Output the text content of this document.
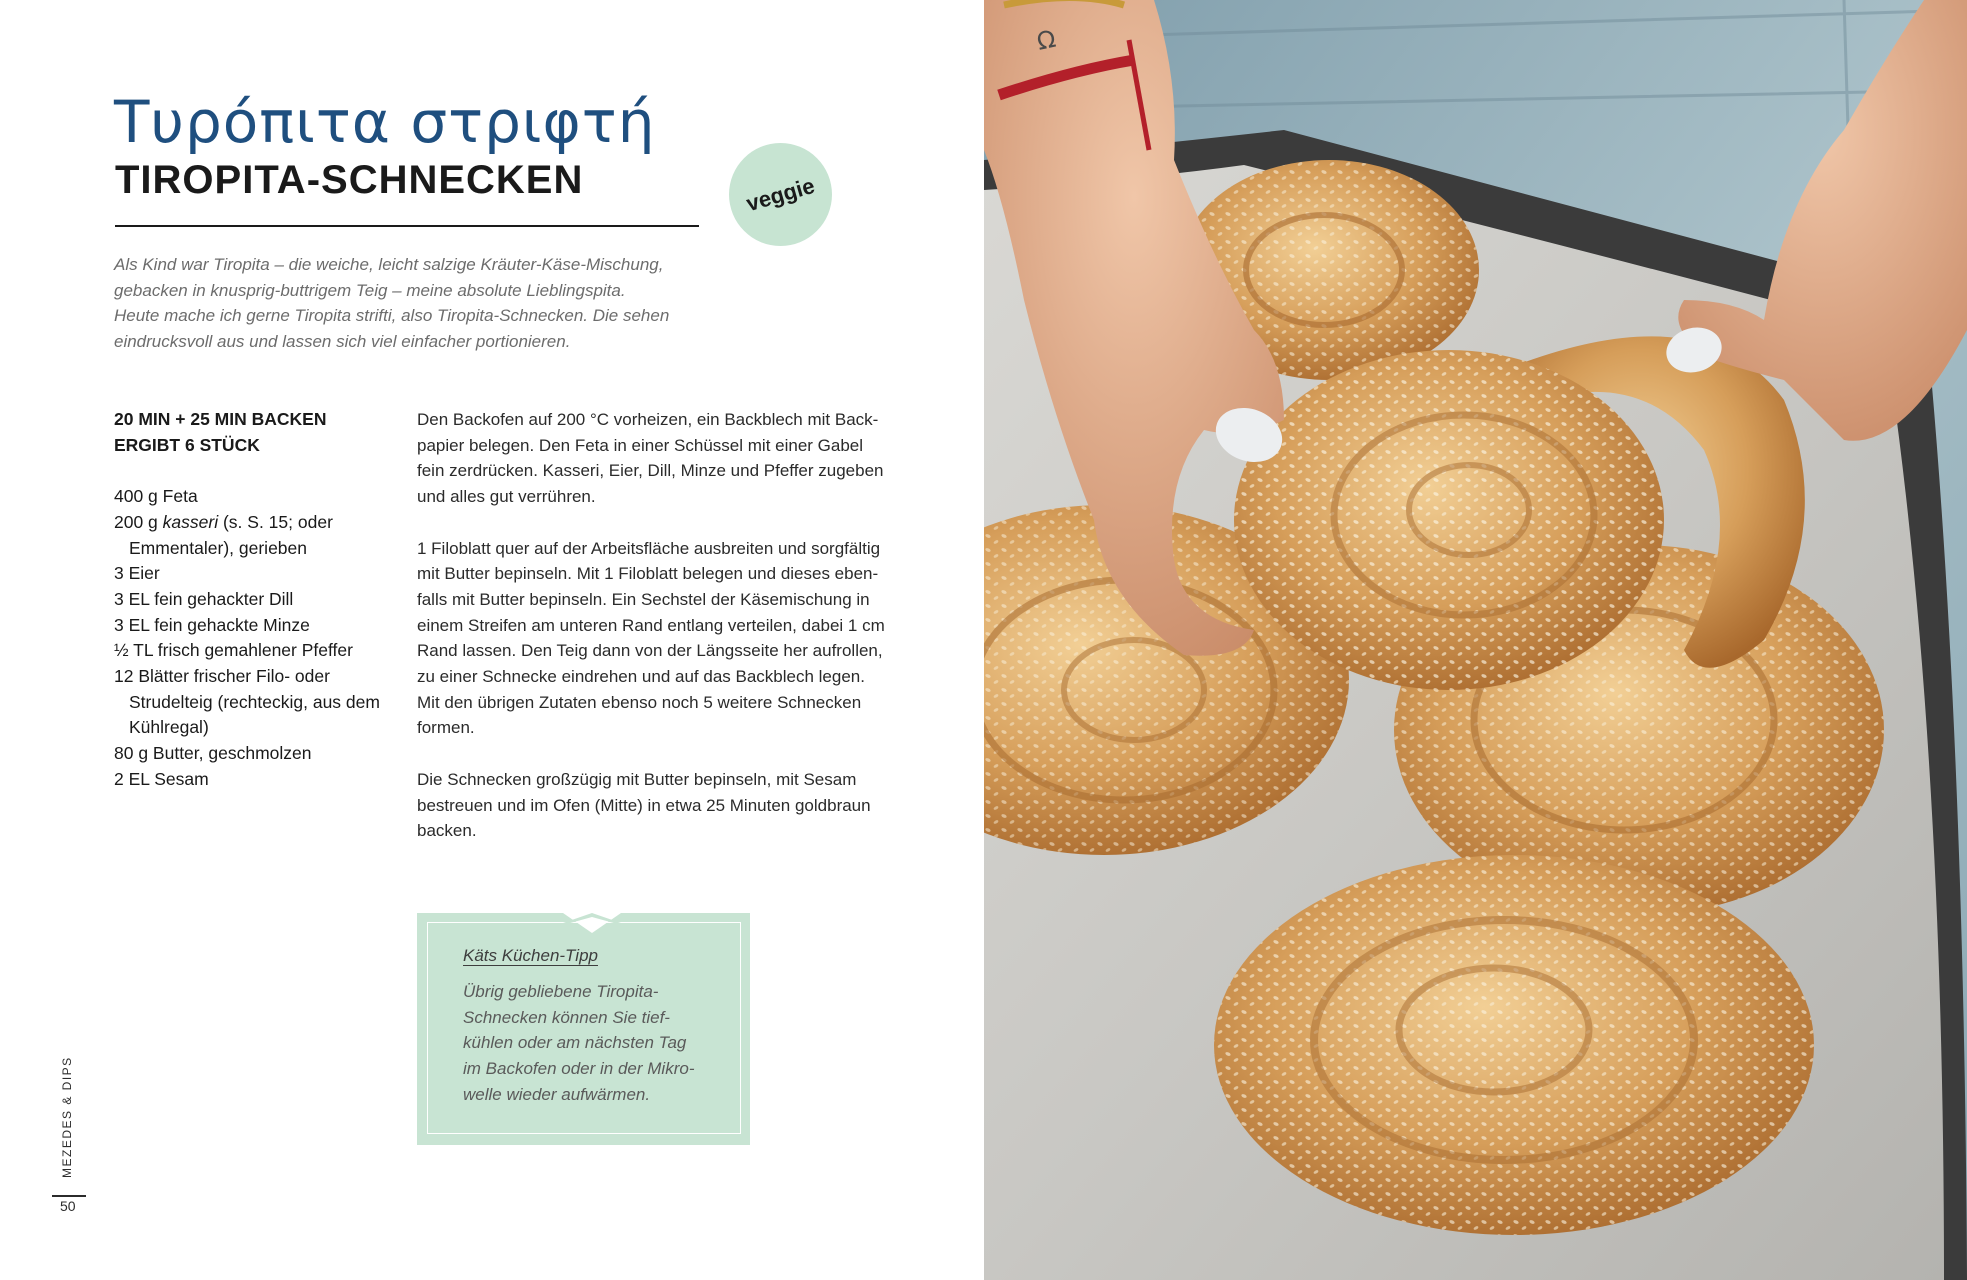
Τυρόπιτα στριφτή
TIROPITA-SCHNECKEN	veggie
Als Kind war Tiropita – die weiche, leicht salzige Kräuter-Käse-Mischung,
gebacken in knusprig-buttrigem Teig – meine absolute Lieblingspita.
Heute mache ich gerne Tiropita strifti, also Tiropita-Schnecken. Die sehen
eindrucksvoll aus und lassen sich viel einfacher portionieren.
20 MIN + 25 MIN BACKEN
ERGIBT 6 STÜCK
400 g Feta
200 g kasseri (s. S. 15; oder Emmentaler), gerieben
3 Eier
3 EL fein gehackter Dill
3 EL fein gehackte Minze
½ TL frisch gemahlener Pfeffer
12 Blätter frischer Filo- oder Strudelteig (rechteckig, aus dem Kühlregal)
80 g Butter, geschmolzen
2 EL Sesam

Den Backofen auf 200 °C vorheizen, ein Backblech mit Back-
papier belegen. Den Feta in einer Schüssel mit einer Gabel
fein zerdrücken. Kasseri, Eier, Dill, Minze und Pfeffer zugeben
und alles gut verrühren.

1 Filoblatt quer auf der Arbeitsfläche ausbreiten und sorgfältig
mit Butter bepinseln. Mit 1 Filoblatt belegen und dieses eben-
falls mit Butter bepinseln. Ein Sechstel der Käsemischung in
einem Streifen am unteren Rand entlang verteilen, dabei 1 cm
Rand lassen. Den Teig dann von der Längsseite her aufrollen,
zu einer Schnecke eindrehen und auf das Backblech legen.
Mit den übrigen Zutaten ebenso noch 5 weitere Schnecken
formen.

Die Schnecken großzügig mit Butter bepinseln, mit Sesam
bestreuen und im Ofen (Mitte) in etwa 25 Minuten goldbraun
backen.

Käts Küchen-Tipp
Übrig gebliebene Tiropita-
Schnecken können Sie tief-
kühlen oder am nächsten Tag
im Backofen oder in der Mikro-
welle wieder aufwärmen.
MEZEDES & DIPS
50
Ω
